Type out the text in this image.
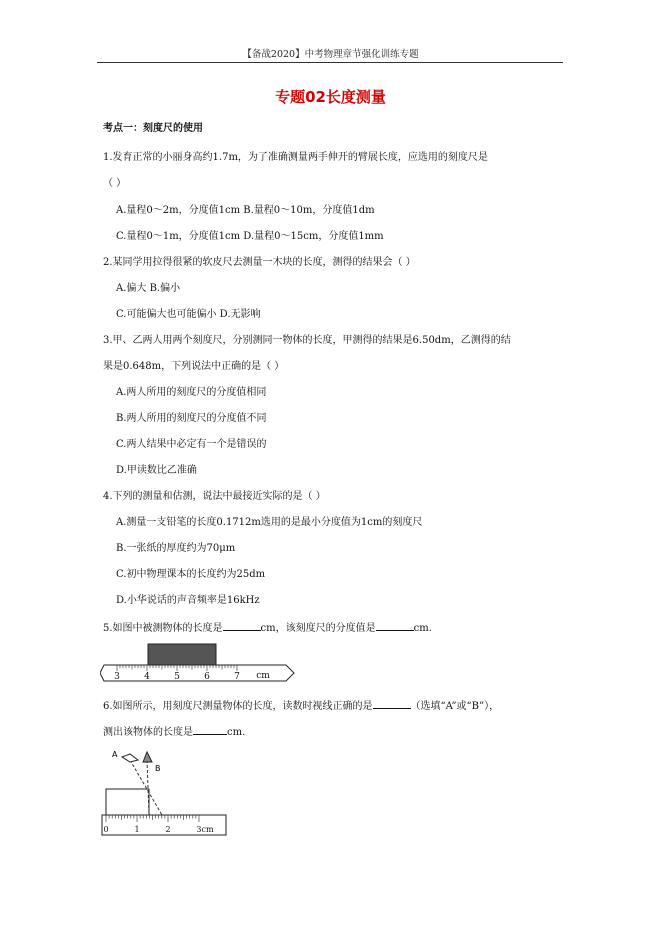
【备战2020】中考物理章节强化训练专题
专题02长度测量
考点一：刻度尺的使用
1.发育正常的小丽身高约1.7m，为了准确测量两手伸开的臂展长度，应选用的刻度尺是
（ ）
A.量程0～2m，分度值1cm B.量程0～10m，分度值1dm
C.量程0～1m，分度值1cm D.量程0～15cm，分度值1mm
2.某同学用拉得很紧的软皮尺去测量一木块的长度，测得的结果会（ ）
A.偏大 B.偏小
C.可能偏大也可能偏小 D.无影响
3.甲、乙两人用两个刻度尺，分别测同一物体的长度，甲测得的结果是6.50dm，乙测得的结
果是0.648m，下列说法中正确的是（ ）
A.两人所用的刻度尺的分度值相同
B.两人所用的刻度尺的分度值不同
C.两人结果中必定有一个是错误的
D.甲读数比乙准确
4.下列的测量和估测，说法中最接近实际的是（ ）
A.测量一支铅笔的长度0.1712m选用的是最小分度值为1cm的刻度尺
B.一张纸的厚度约为70μm
C.初中物理课本的长度约为25dm
D.小华说话的声音频率是16kHz
5.如图中被测物体的长度是	cm，该刻度尺的分度值是	cm.
3	4	5	6	7 cm
6.如图所示，用刻度尺测量物体的长度，读数时视线正确的是	（选填“A”或“B”），
测出该物体的长度是	cm.
A
B
0	1	2	3cm
